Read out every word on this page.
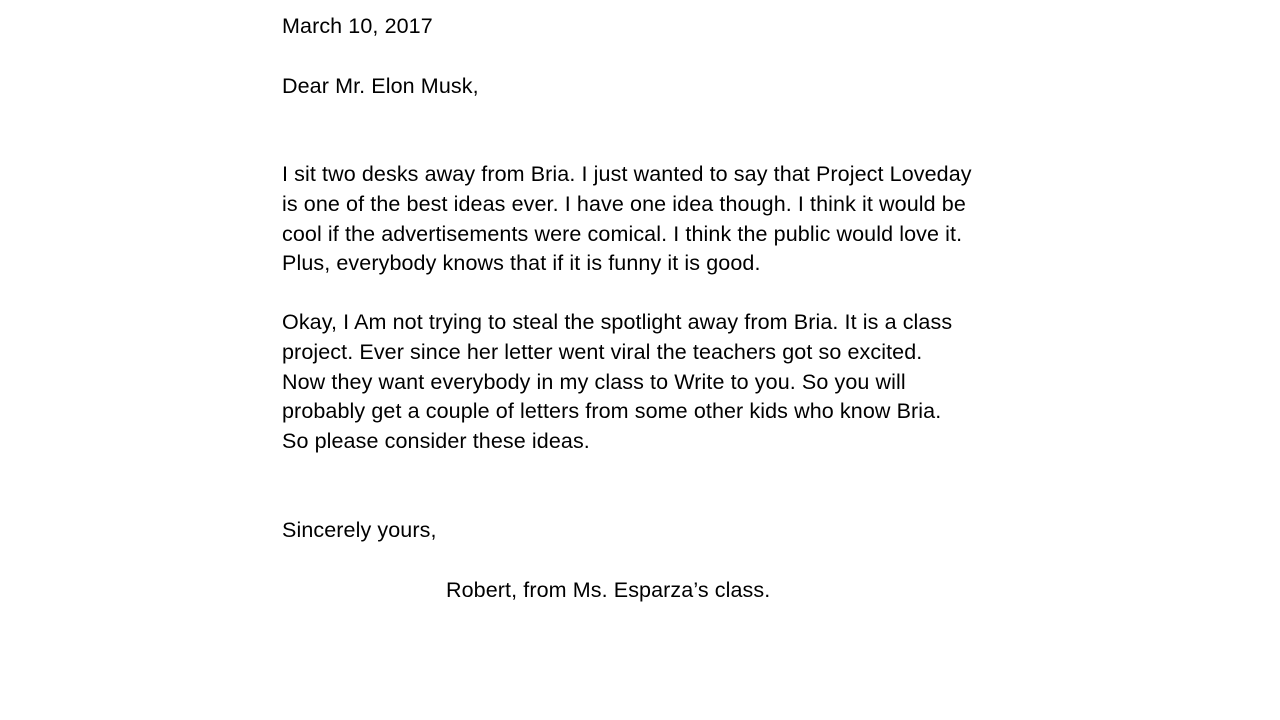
March 10, 2017
Dear Mr. Elon Musk,

I sit two desks away from Bria. I just wanted to say that Project Loveday
is one of the best ideas ever. I have one idea though. I think it would be
cool if the advertisements were comical. I think the public would love it.
Plus, everybody knows that if it is funny it is good.

Okay, I Am not trying to steal the spotlight away from Bria. It is a class
project. Ever since her letter went viral the teachers got so excited.
Now they want everybody in my class to Write to you. So you will
probably get a couple of letters from some other kids who know Bria.
So please consider these ideas.

Sincerely yours,
Robert, from Ms. Esparza’s class.
